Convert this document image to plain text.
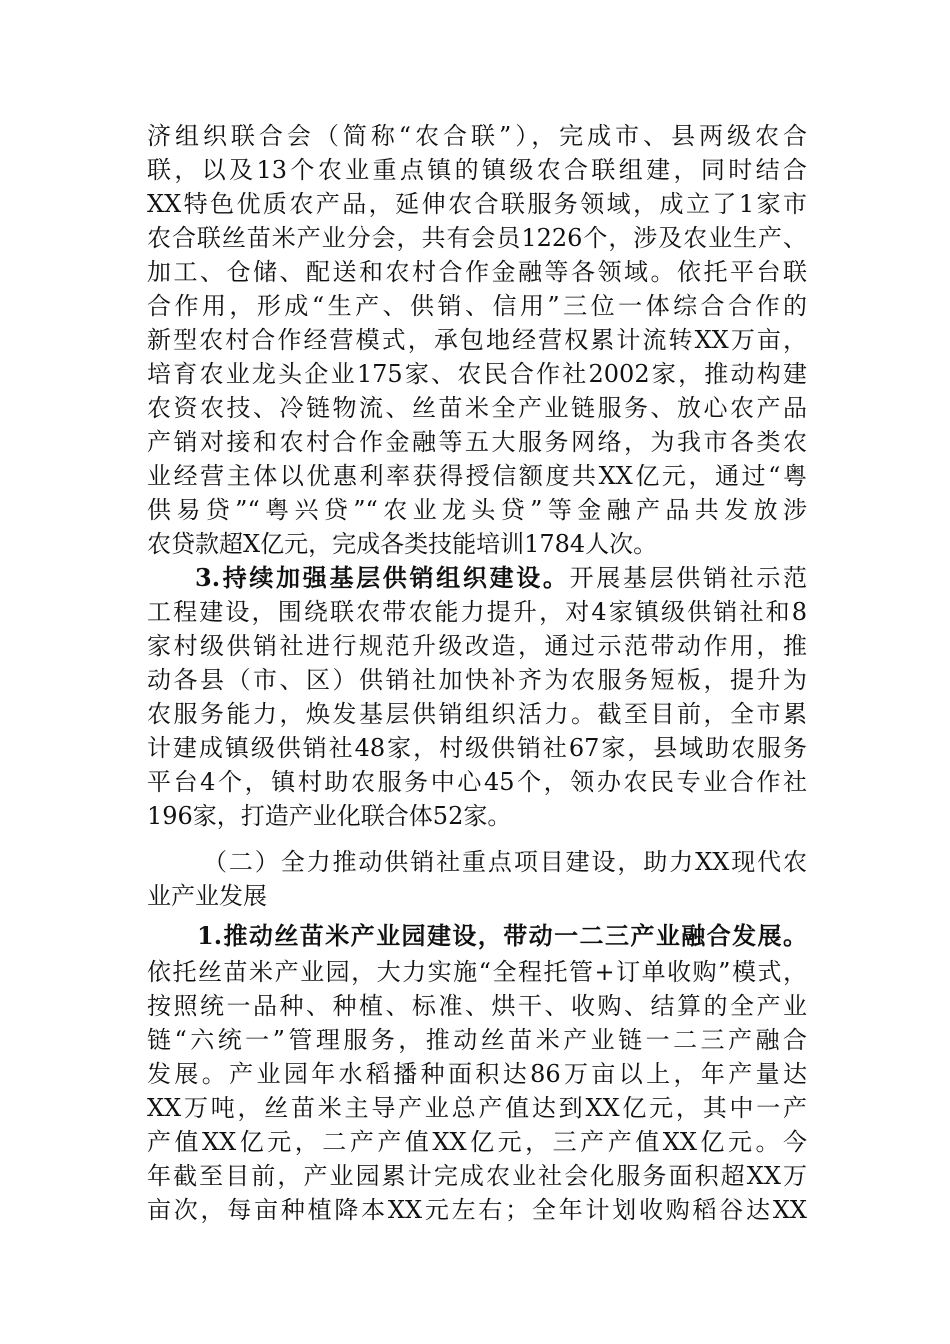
济组织联合会（简称“农合联”），完成市、县两级农合
联，以及13个农业重点镇的镇级农合联组建，同时结合
XX特色优质农产品，延伸农合联服务领域，成立了1家市
农合联丝苗米产业分会，共有会员1226个，涉及农业生产、
加工、仓储、配送和农村合作金融等各领域。依托平台联
合作用，形成“生产、供销、信用”三位一体综合合作的
新型农村合作经营模式，承包地经营权累计流转XX万亩，
培育农业龙头企业175家、农民合作社2002家，推动构建
农资农技、冷链物流、丝苗米全产业链服务、放心农产品
产销对接和农村合作金融等五大服务网络，为我市各类农
业经营主体以优惠利率获得授信额度共XX亿元，通过“粤
供易贷”“粤兴贷”“农业龙头贷”等金融产品共发放涉
农贷款超X亿元，完成各类技能培训1784人次。
3.持续加强基层供销组织建设。开展基层供销社示范
工程建设，围绕联农带农能力提升，对4家镇级供销社和8
家村级供销社进行规范升级改造，通过示范带动作用，推
动各县（市、区）供销社加快补齐为农服务短板，提升为
农服务能力，焕发基层供销组织活力。截至目前，全市累
计建成镇级供销社48家，村级供销社67家，县域助农服务
平台4个，镇村助农服务中心45个，领办农民专业合作社
196家，打造产业化联合体52家。
（二）全力推动供销社重点项目建设，助力XX现代农
业产业发展
1.推动丝苗米产业园建设，带动一二三产业融合发展。
依托丝苗米产业园，大力实施“全程托管+订单收购”模式，
按照统一品种、种植、标准、烘干、收购、结算的全产业
链“六统一”管理服务，推动丝苗米产业链一二三产融合
发展。产业园年水稻播种面积达86万亩以上，年产量达
XX万吨，丝苗米主导产业总产值达到XX亿元，其中一产
产值XX亿元，二产产值XX亿元，三产产值XX亿元。今
年截至目前，产业园累计完成农业社会化服务面积超XX万
亩次，每亩种植降本XX元左右；全年计划收购稻谷达XX
